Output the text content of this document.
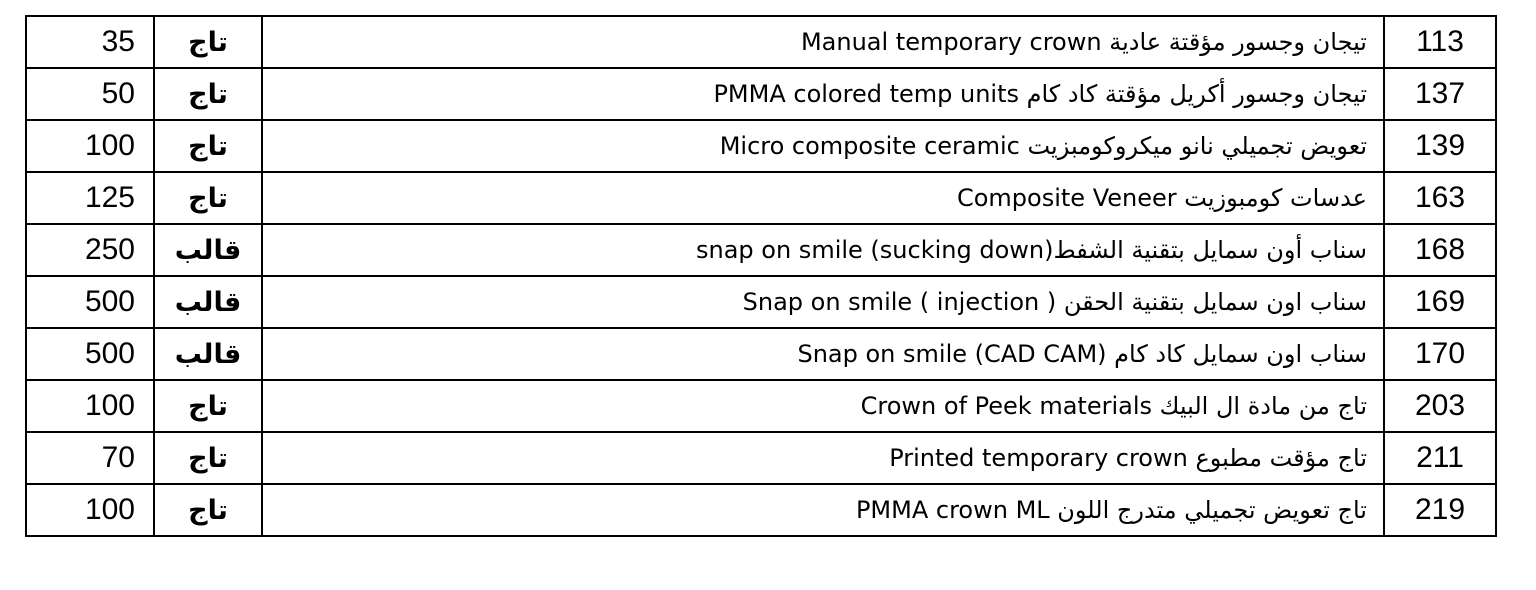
35	تاج	تيجان وجسور مؤقتة عادية Manual temporary crown	113
50	تاج	تيجان وجسور أكريل مؤقتة كاد كام PMMA colored temp units	137
100	تاج	تعويض تجميلي نانو ميكروكومبزيت Micro composite ceramic	139
125	تاج	عدسات كومبوزيت Composite Veneer	163
250	قالب	سناب أون سمايل بتقنية الشفط(snap on smile (sucking down	168
500	قالب	سناب اون سمايل بتقنية الحقن Snap on smile ( injection )	169
500	قالب	سناب اون سمايل كاد كام (Snap on smile (CAD CAM	170
100	تاج	تاج من مادة ال البيك Crown of Peek materials	203
70	تاج	تاج مؤقت مطبوع Printed temporary crown	211
100	تاج	تاج تعويض تجميلي متدرج اللون PMMA crown ML	219
